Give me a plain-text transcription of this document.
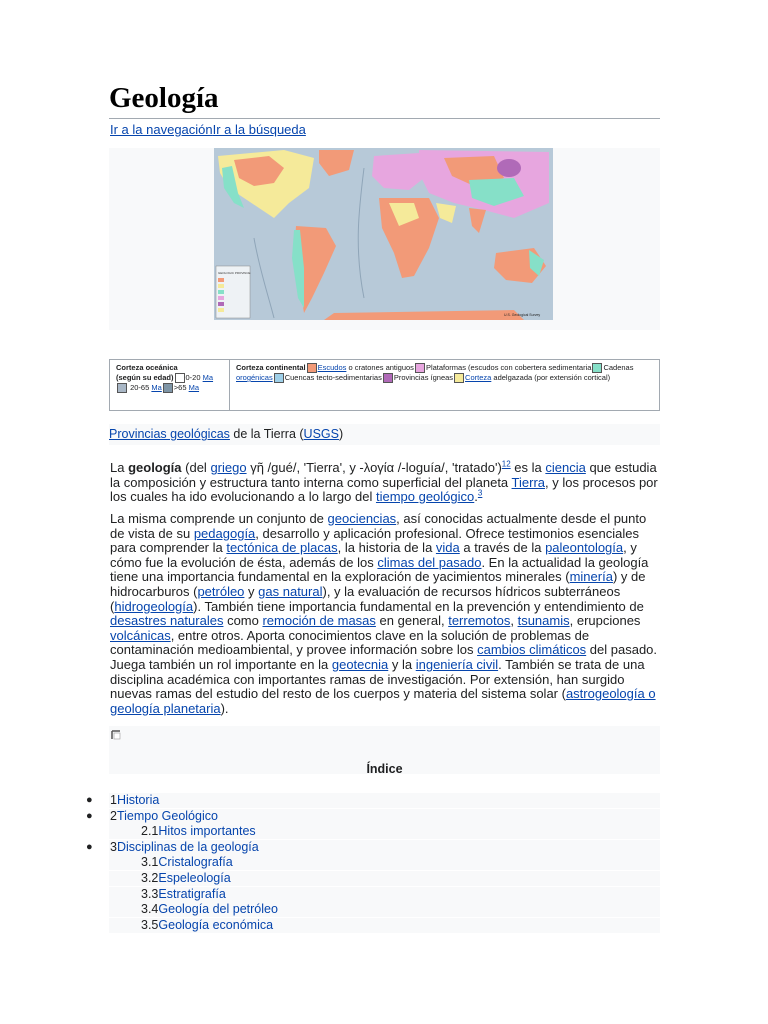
Geología
Ir a la navegaciónIr a la búsqueda
GEOLOGIC PROVINCE
U.S. Geological Survey
Corteza oceánica
(según su edad) 0-20 Ma 20-65 Ma >65 Ma
Corteza continental Escudos o cratones antiguos Plataformas (escudos con cobertera sedimentaria Cadenas orogénicas Cuencas tecto-sedimentarias Provincias ígneas Corteza adelgazada (por extensión cortical)
Provincias geológicas de la Tierra (USGS)

La geología (del griego γῆ /gué/, 'Tierra', y -λογία /-loguía/, 'tratado')$^{12}$ es la ciencia que estudia la composición y estructura tanto interna como superficial del planeta Tierra, y los procesos por los cuales ha ido evolucionando a lo largo del tiempo geológico.$^3$

La misma comprende un conjunto de geociencias, así conocidas actualmente desde el punto de vista de su pedagogía, desarrollo y aplicación profesional. Ofrece testimonios esenciales para comprender la tectónica de placas, la historia de la vida a través de la paleontología, y cómo fue la evolución de ésta, además de los climas del pasado. En la actualidad la geología tiene una importancia fundamental en la exploración de yacimientos minerales (minería) y de hidrocarburos (petróleo y gas natural), y la evaluación de recursos hídricos subterráneos (hidrogeología). También tiene importancia fundamental en la prevención y entendimiento de desastres naturales como remoción de masas en general, terremotos, tsunamis, erupciones volcánicas, entre otros. Aporta conocimientos clave en la solución de problemas de contaminación medioambiental, y provee información sobre los cambios climáticos del pasado. Juega también un rol importante en la geotecnia y la ingeniería civil. También se trata de una disciplina académica con importantes ramas de investigación. Por extensión, han surgido nuevas ramas del estudio del resto de los cuerpos y materia del sistema solar (astrogeología o geología planetaria).

Índice
● 1Historia
● 2Tiempo Geológico
2.1Hitos importantes
● 3Disciplinas de la geología
3.1Cristalografía
3.2Espeleología
3.3Estratigrafía
3.4Geología del petróleo
3.5Geología económica
